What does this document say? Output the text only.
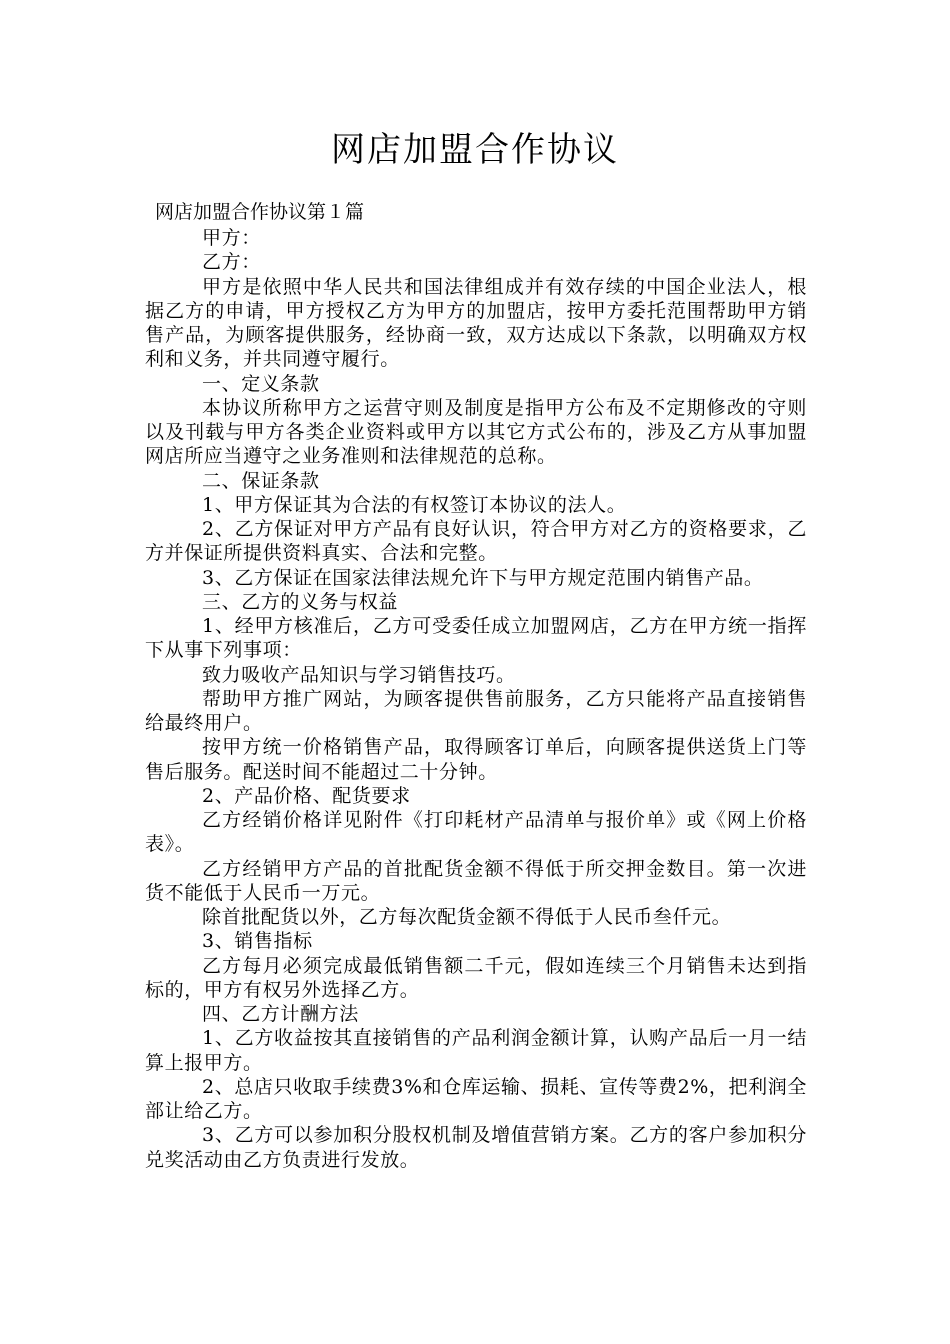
网店加盟合作协议
网店加盟合作协议第１篇

甲方：

乙方：

甲方是依照中华人民共和国法律组成并有效存续的中国企业法人，根据乙方的申请，甲方授权乙方为甲方的加盟店，按甲方委托范围帮助甲方销售产品，为顾客提供服务，经协商一致，双方达成以下条款，以明确双方权利和义务，并共同遵守履行。

一、定义条款

本协议所称甲方之运营守则及制度是指甲方公布及不定期修改的守则以及刊载与甲方各类企业资料或甲方以其它方式公布的，涉及乙方从事加盟网店所应当遵守之业务准则和法律规范的总称。

二、保证条款

1、甲方保证其为合法的有权签订本协议的法人。

2、乙方保证对甲方产品有良好认识，符合甲方对乙方的资格要求，乙方并保证所提供资料真实、合法和完整。

3、乙方保证在国家法律法规允许下与甲方规定范围内销售产品。

三、乙方的义务与权益

1、经甲方核准后，乙方可受委任成立加盟网店，乙方在甲方统一指挥下从事下列事项：

致力吸收产品知识与学习销售技巧。

帮助甲方推广网站，为顾客提供售前服务，乙方只能将产品直接销售给最终用户。

按甲方统一价格销售产品，取得顾客订单后，向顾客提供送货上门等售后服务。配送时间不能超过二十分钟。

2、产品价格、配货要求

乙方经销价格详见附件《打印耗材产品清单与报价单》或《网上价格表》。

乙方经销甲方产品的首批配货金额不得低于所交押金数目。第一次进货不能低于人民币一万元。

除首批配货以外，乙方每次配货金额不得低于人民币叁仟元。

3、销售指标

乙方每月必须完成最低销售额二千元，假如连续三个月销售未达到指标的，甲方有权另外选择乙方。

四、乙方计酬方法

1、乙方收益按其直接销售的产品利润金额计算，认购产品后一月一结算上报甲方。

2、总店只收取手续费3%和仓库运输、损耗、宣传等费2%，把利润全部让给乙方。

3、乙方可以参加积分股权机制及增值营销方案。乙方的客户参加积分兑奖活动由乙方负责进行发放。
